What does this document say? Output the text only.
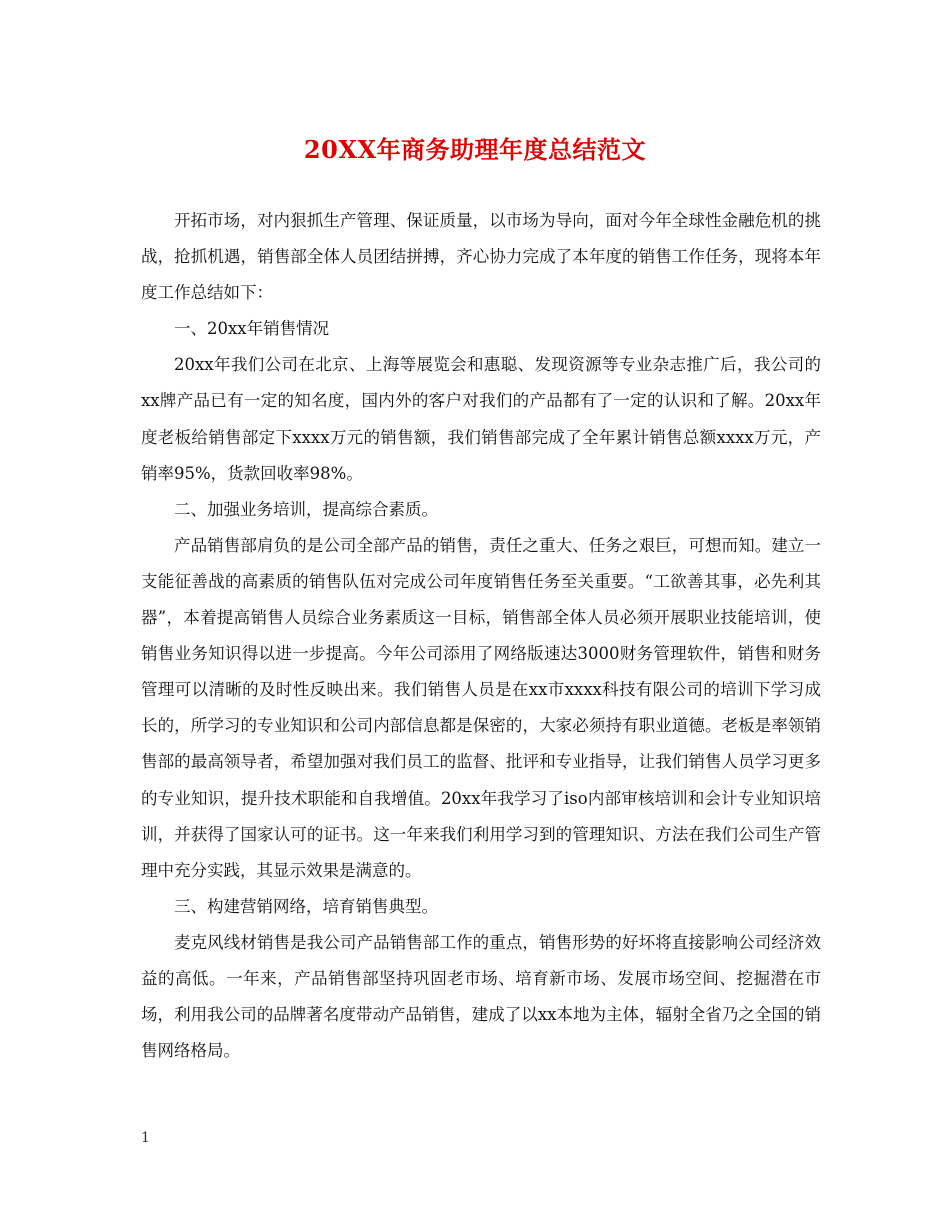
20XX年商务助理年度总结范文

开拓市场，对内狠抓生产管理、保证质量，以市场为导向，面对今年全球性金融危机的挑战，抢抓机遇，销售部全体人员团结拼搏，齐心协力完成了本年度的销售工作任务，现将本年度工作总结如下：

一、20xx年销售情况

20xx年我们公司在北京、上海等展览会和惠聪、发现资源等专业杂志推广后，我公司的xx牌产品已有一定的知名度，国内外的客户对我们的产品都有了一定的认识和了解。20xx年度老板给销售部定下xxxx万元的销售额，我们销售部完成了全年累计销售总额xxxx万元，产销率95%，货款回收率98%。

二、加强业务培训，提高综合素质。

产品销售部肩负的是公司全部产品的销售，责任之重大、任务之艰巨，可想而知。建立一支能征善战的高素质的销售队伍对完成公司年度销售任务至关重要。“工欲善其事，必先利其器”，本着提高销售人员综合业务素质这一目标，销售部全体人员必须开展职业技能培训，使销售业务知识得以进一步提高。今年公司添用了网络版速达3000财务管理软件，销售和财务管理可以清晰的及时性反映出来。我们销售人员是在xx市xxxx科技有限公司的培训下学习成长的，所学习的专业知识和公司内部信息都是保密的，大家必须持有职业道德。老板是率领销售部的最高领导者，希望加强对我们员工的监督、批评和专业指导，让我们销售人员学习更多的专业知识，提升技术职能和自我增值。20xx年我学习了iso内部审核培训和会计专业知识培训，并获得了国家认可的证书。这一年来我们利用学习到的管理知识、方法在我们公司生产管理中充分实践，其显示效果是满意的。

三、构建营销网络，培育销售典型。

麦克风线材销售是我公司产品销售部工作的重点，销售形势的好坏将直接影响公司经济效益的高低。一年来，产品销售部坚持巩固老市场、培育新市场、发展市场空间、挖掘潜在市场，利用我公司的品牌著名度带动产品销售，建成了以xx本地为主体，辐射全省乃之全国的销售网络格局。

1
